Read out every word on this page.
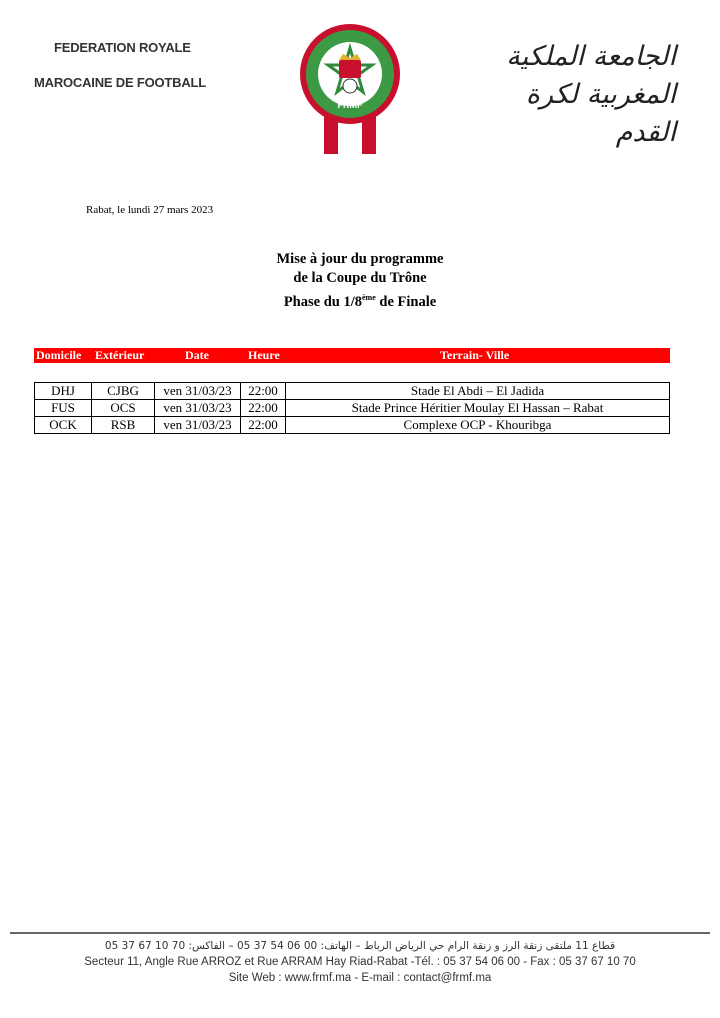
FEDERATION ROYALE
MAROCAINE DE FOOTBALL
FRMF
الجامعة الملكية
المغربية لكرة القدم
Rabat, le lundi 27 mars 2023
Mise à jour du programme
de la Coupe du Trône
Phase du 1/8ème de Finale
Domicile Extérieur	Date	Heure	Terrain- Ville
DHJ	CJBG	ven 31/03/23	22:00	Stade El Abdi – El Jadida
FUS	OCS	ven 31/03/23	22:00	Stade Prince Héritier Moulay El Hassan – Rabat
OCK	RSB	ven 31/03/23	22:00	Complexe OCP - Khouribga
قطاع 11 ملتقى زنقة الرز و زنقة الرام حي الرياض الرباط – الهاتف: 00 06 54 37 05 – الفاكس: 70 10 67 37 05
Secteur 11, Angle Rue ARROZ et Rue ARRAM Hay Riad-Rabat -Tél. : 05 37 54 06 00 - Fax : 05 37 67 10 70
Site Web : www.frmf.ma - E-mail : contact@frmf.ma
